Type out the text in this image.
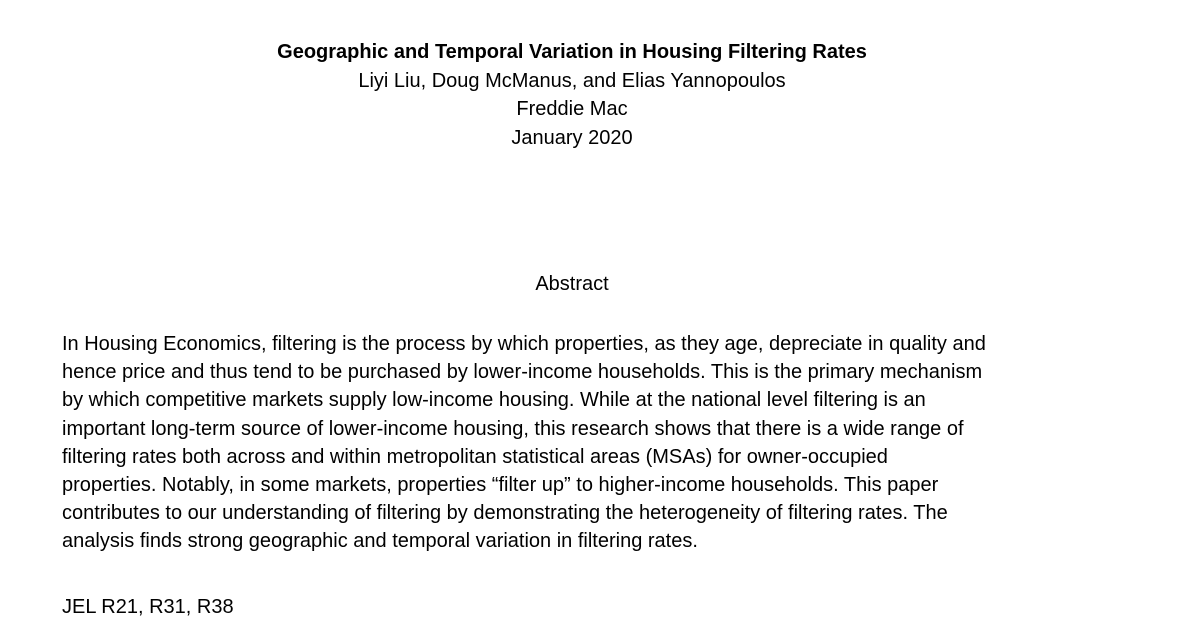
Geographic and Temporal Variation in Housing Filtering Rates
Liyi Liu, Doug McManus, and Elias Yannopoulos
Freddie Mac
January 2020
Abstract
In Housing Economics, filtering is the process by which properties, as they age, depreciate in quality and
hence price and thus tend to be purchased by lower-income households. This is the primary mechanism
by which competitive markets supply low-income housing. While at the national level filtering is an
important long-term source of lower-income housing, this research shows that there is a wide range of
filtering rates both across and within metropolitan statistical areas (MSAs) for owner-occupied
properties. Notably, in some markets, properties “filter up” to higher-income households. This paper
contributes to our understanding of filtering by demonstrating the heterogeneity of filtering rates. The
analysis finds strong geographic and temporal variation in filtering rates.
JEL R21, R31, R38
